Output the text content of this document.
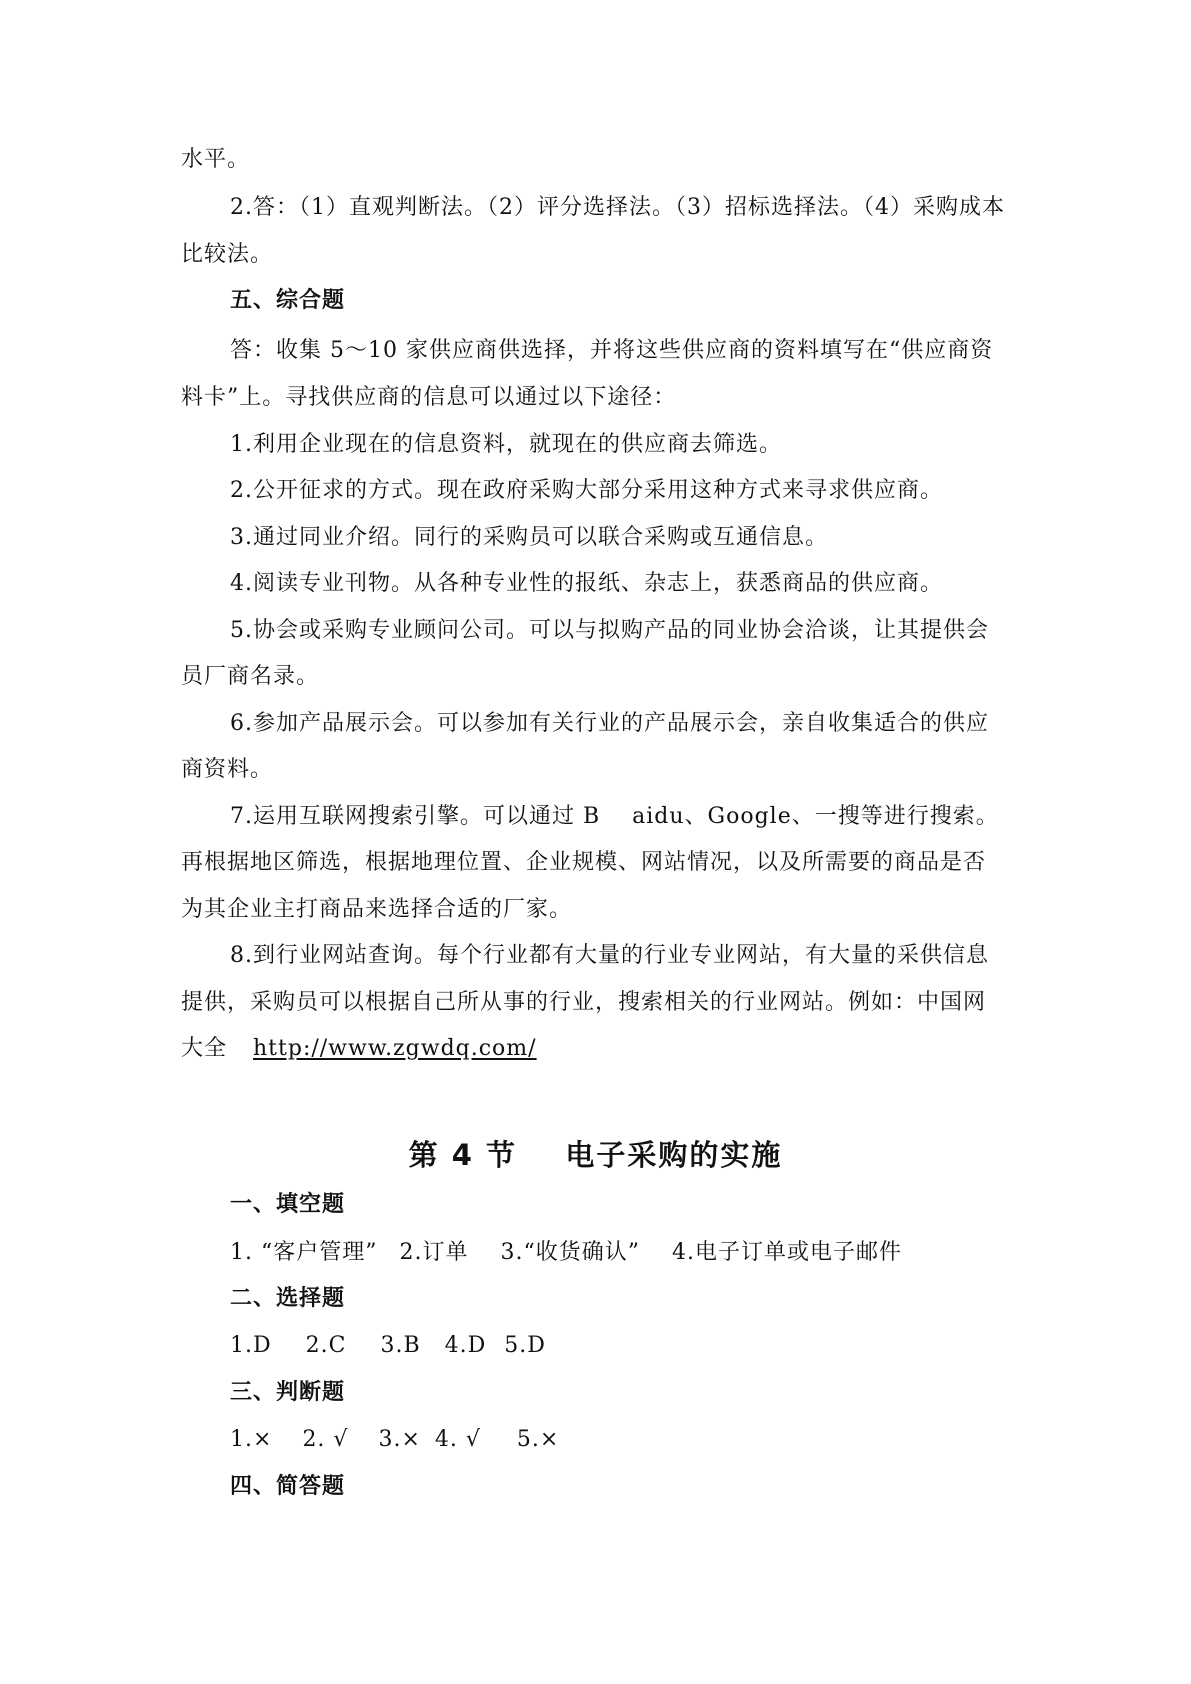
水平。
2.答：（1）直观判断法。（2）评分选择法。（3）招标选择法。（4）采购成本
比较法。
五、综合题
答：收集 5～10 家供应商供选择，并将这些供应商的资料填写在“供应商资
料卡”上。寻找供应商的信息可以通过以下途径：
1.利用企业现在的信息资料，就现在的供应商去筛选。
2.公开征求的方式。现在政府采购大部分采用这种方式来寻求供应商。
3.通过同业介绍。同行的采购员可以联合采购或互通信息。
4.阅读专业刊物。从各种专业性的报纸、杂志上，获悉商品的供应商。
5.协会或采购专业顾问公司。可以与拟购产品的同业协会洽谈，让其提供会
员厂商名录。
6.参加产品展示会。可以参加有关行业的产品展示会，亲自收集适合的供应
商资料。
7.运用互联网搜索引擎。可以通过 B    aidu、Google、一搜等进行搜索。
再根据地区筛选，根据地理位置、企业规模、网站情况，以及所需要的商品是否
为其企业主打商品来选择合适的厂家。
8.到行业网站查询。每个行业都有大量的行业专业网站，有大量的采供信息
提供，采购员可以根据自己所从事的行业，搜索相关的行业网站。例如：中国网
大全 http://www.zgwdq.com/
第 4 节    电子采购的实施
一、填空题
1. “客户管理” 2.订单 3.“收货确认” 4.电子订单或电子邮件
二、选择题
1.D 2.C 3.B 4.D 5.D
三、判断题
1.× 2. √ 3.× 4. √ 5.×
四、简答题
